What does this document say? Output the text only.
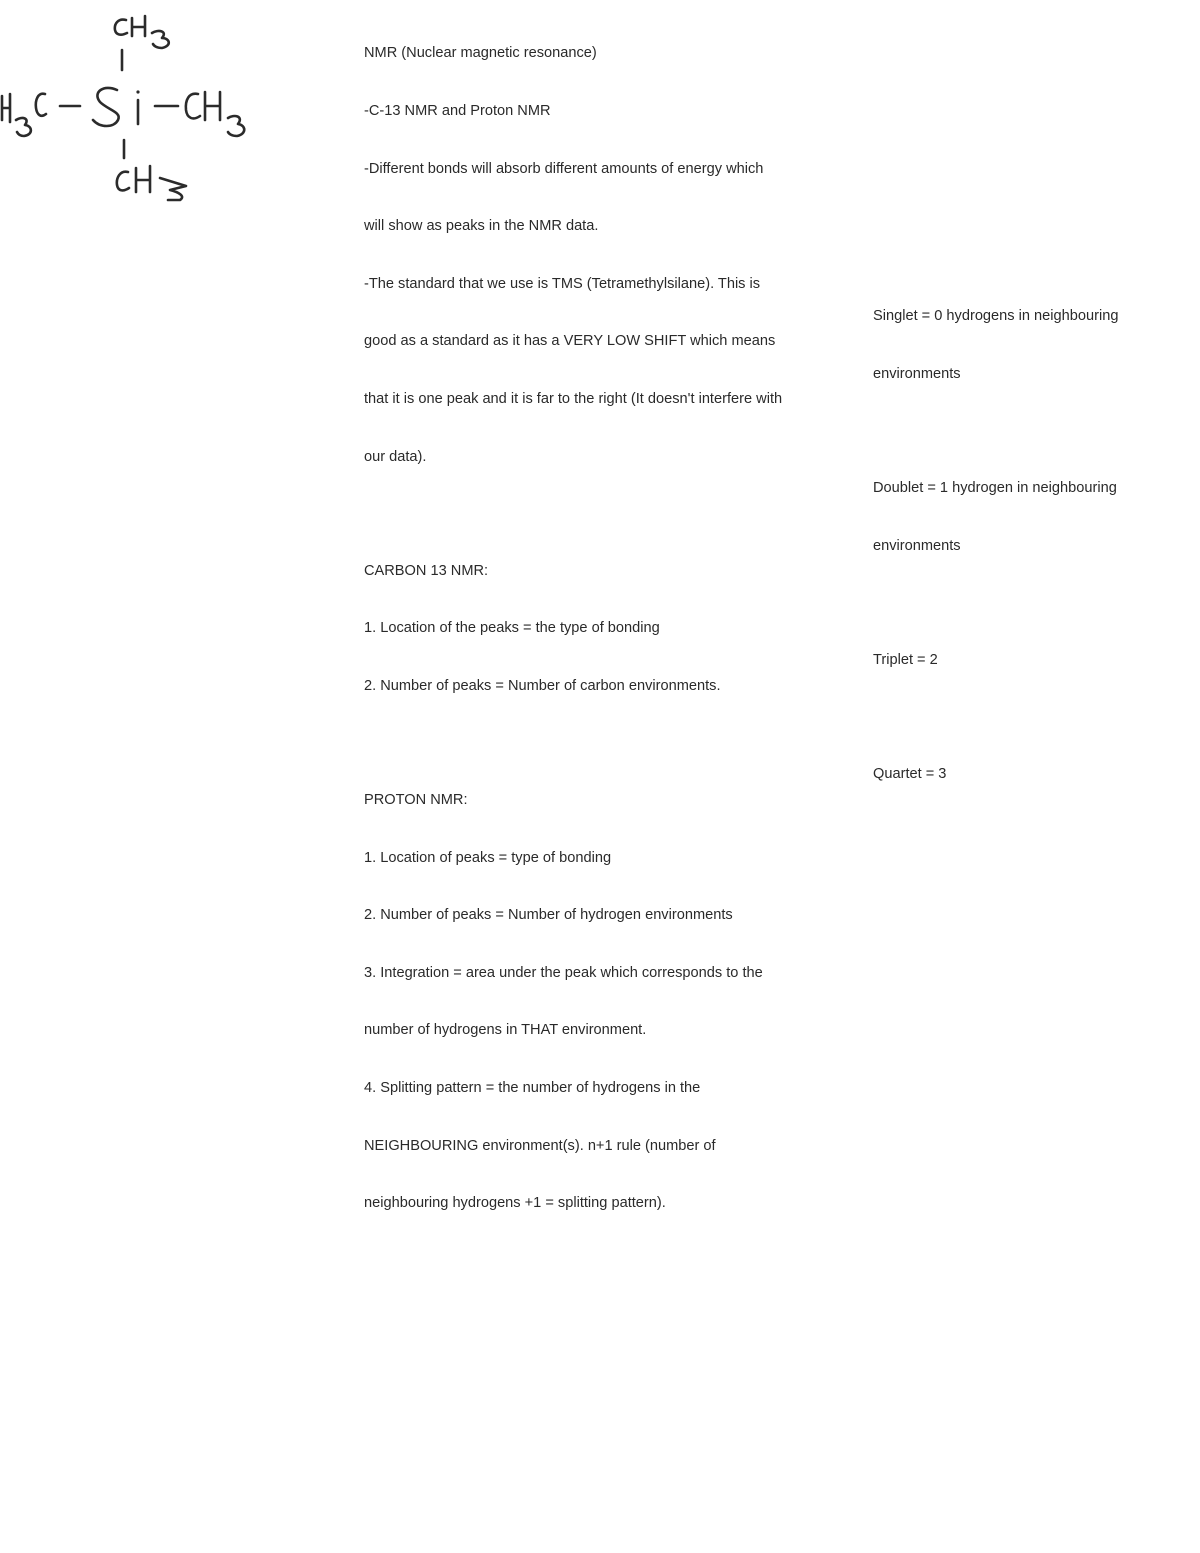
NMR (Nuclear magnetic resonance)

-C-13 NMR and Proton NMR

-Different bonds will absorb different amounts of energy which

will show as peaks in the NMR data.

-The standard that we use is TMS (Tetramethylsilane). This is

good as a standard as it has a VERY LOW SHIFT which means

that it is one peak and it is far to the right (It doesn't interfere with

our data).

CARBON 13 NMR:

1. Location of the peaks = the type of bonding

2. Number of peaks = Number of carbon environments.

PROTON NMR:

1. Location of peaks = type of bonding

2. Number of peaks = Number of hydrogen environments

3. Integration = area under the peak which corresponds to the

number of hydrogens in THAT environment.

4. Splitting pattern = the number of hydrogens in the

NEIGHBOURING environment(s). n+1 rule (number of

neighbouring hydrogens +1 = splitting pattern).

Singlet = 0 hydrogens in neighbouring

environments

Doublet = 1 hydrogen in neighbouring

environments

Triplet = 2

Quartet = 3
